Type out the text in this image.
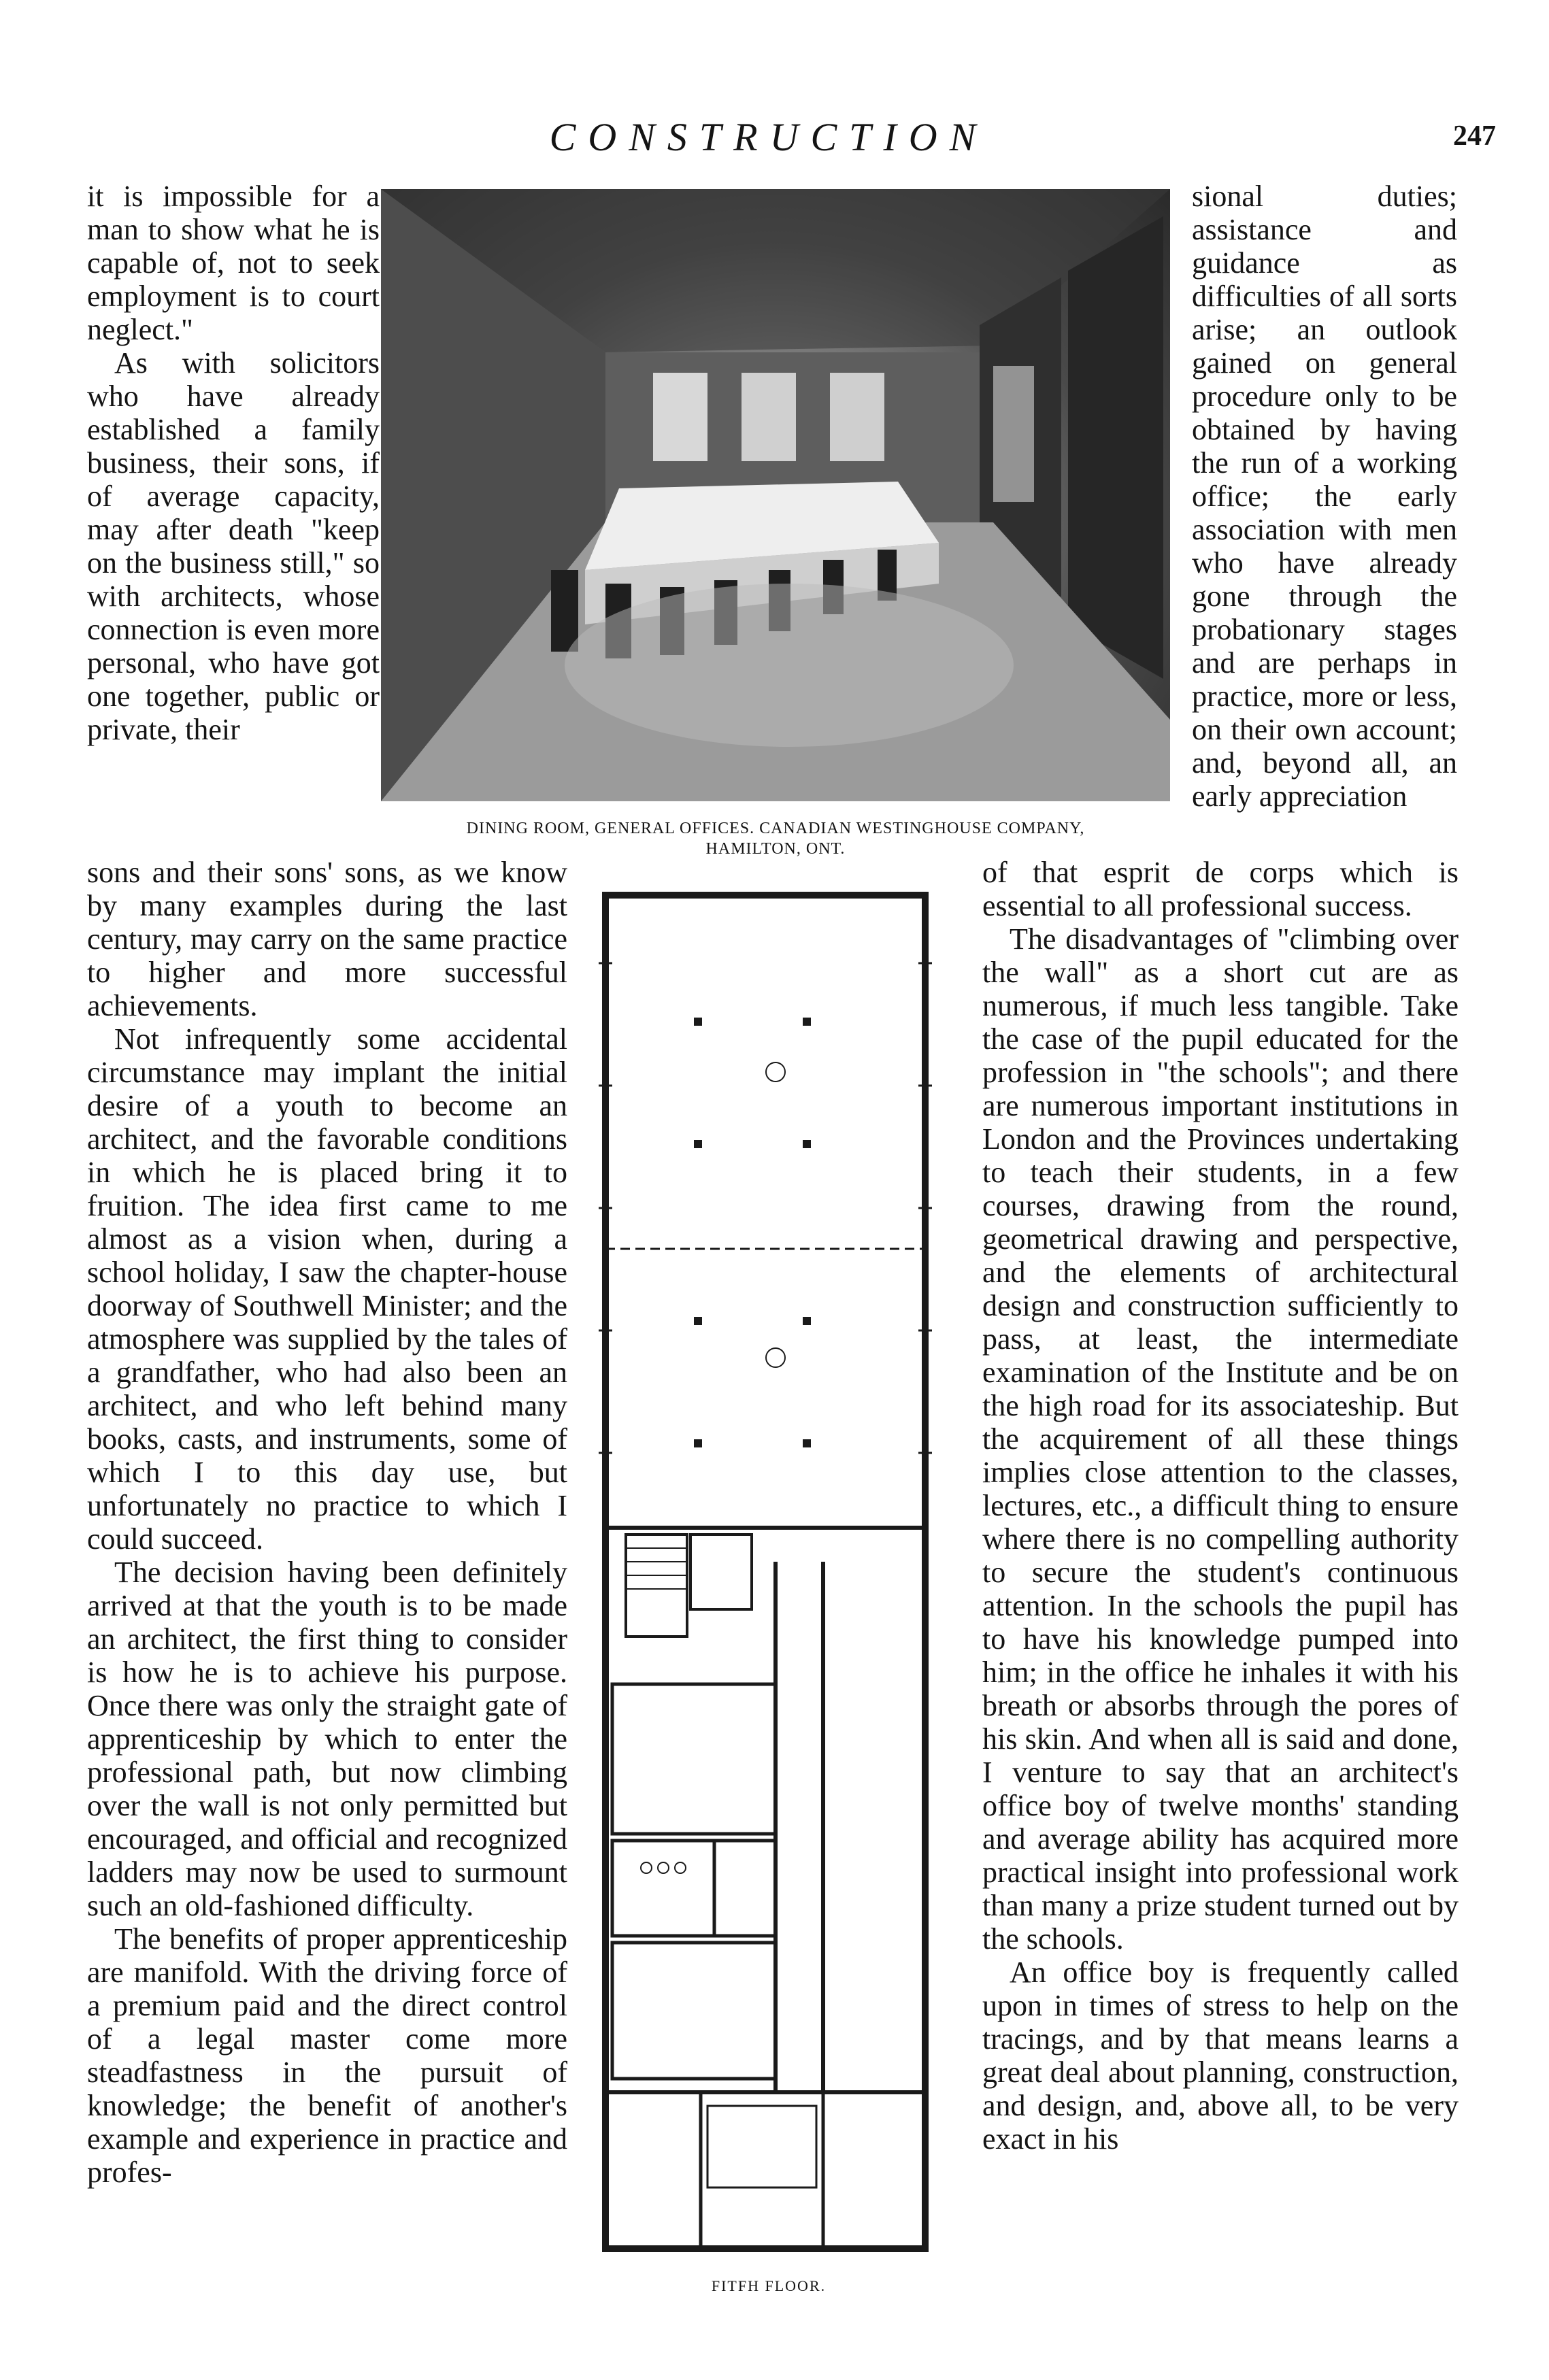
CONSTRUCTION	247

it is impossible for a man to show what he is capable of, not to seek employment is to court neglect."

As with solicitors who have already established a family business, their sons, if of average capacity, may after death "keep on the business still," so with architects, whose connection is even more personal, who have got one together, public or private, their

sional duties; assistance and guidance as difficulties of all sorts arise; an outlook gained on general procedure only to be obtained by having the run of a working office; the early association with men who have already gone through the probationary stages and are perhaps in practice, more or less, on their own account; and, beyond all, an early appreciation

DINING ROOM, GENERAL OFFICES. CANADIAN WESTINGHOUSE COMPANY,
HAMILTON, ONT.

sons and their sons' sons, as we know by many examples during the last century, may carry on the same practice to higher and more successful achievements.

Not infrequently some accidental circumstance may implant the initial desire of a youth to become an architect, and the favorable conditions in which he is placed bring it to fruition. The idea first came to me almost as a vision when, during a school holiday, I saw the chapter-house doorway of Southwell Minister; and the atmosphere was supplied by the tales of a grandfather, who had also been an architect, and who left behind many books, casts, and instruments, some of which I to this day use, but unfortunately no practice to which I could succeed.

The decision having been definitely arrived at that the youth is to be made an architect, the first thing to consider is how he is to achieve his purpose. Once there was only the straight gate of apprenticeship by which to enter the professional path, but now climbing over the wall is not only permitted but encouraged, and official and recognized ladders may now be used to surmount such an old-fashioned difficulty.

The benefits of proper apprenticeship are manifold. With the driving force of a premium paid and the direct control of a legal master come more steadfastness in the pursuit of knowledge; the benefit of another's example and experience in practice and profes-

FITFH FLOOR.

of that esprit de corps which is essential to all professional success.

The disadvantages of "climbing over the wall" as a short cut are as numerous, if much less tangible. Take the case of the pupil educated for the profession in "the schools"; and there are numerous important institutions in London and the Provinces undertaking to teach their students, in a few courses, drawing from the round, geometrical drawing and perspective, and the elements of architectural design and construction sufficiently to pass, at least, the intermediate examination of the Institute and be on the high road for its associateship. But the acquirement of all these things implies close attention to the classes, lectures, etc., a difficult thing to ensure where there is no compelling authority to secure the student's continuous attention. In the schools the pupil has to have his knowledge pumped into him; in the office he inhales it with his breath or absorbs through the pores of his skin. And when all is said and done, I venture to say that an architect's office boy of twelve months' standing and average ability has acquired more practical insight into professional work than many a prize student turned out by the schools.

An office boy is frequently called upon in times of stress to help on the tracings, and by that means learns a great deal about planning, construction, and design, and, above all, to be very exact in his
